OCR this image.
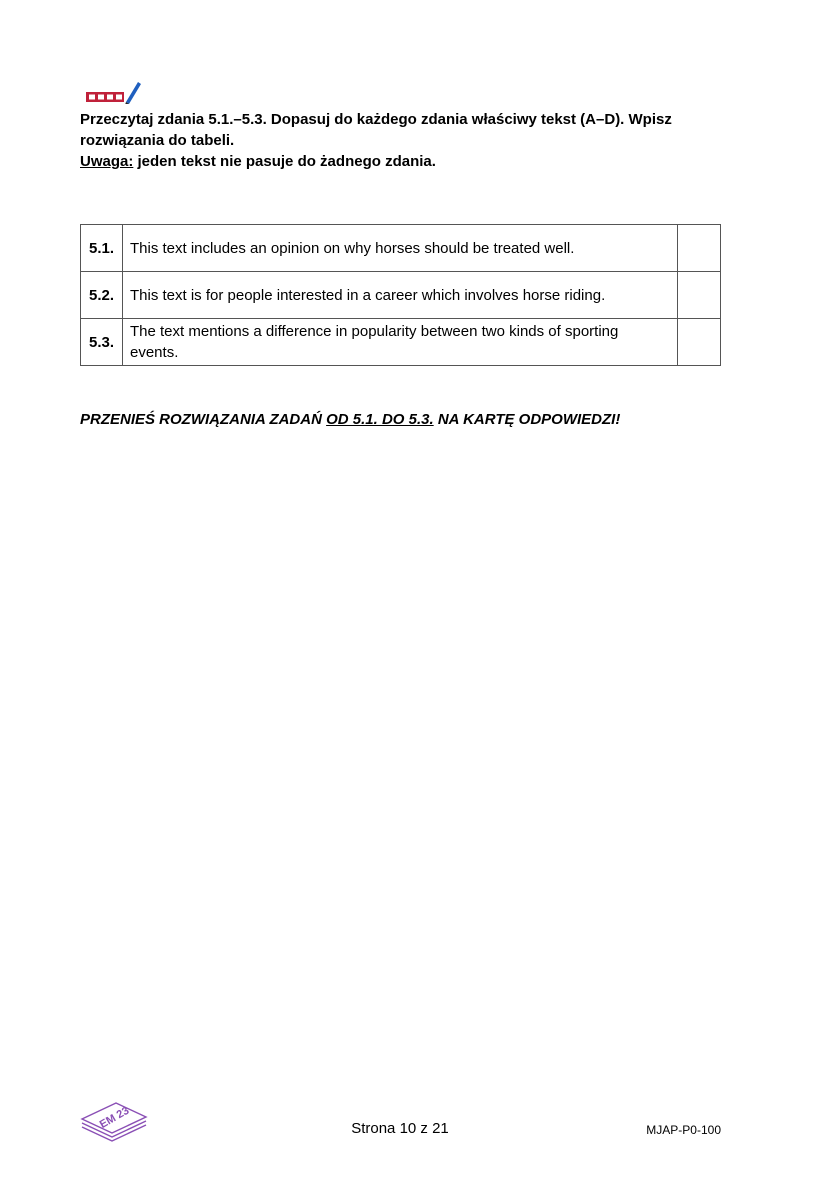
Przeczytaj zdania 5.1.–5.3. Dopasuj do każdego zdania właściwy tekst (A–D). Wpisz rozwiązania do tabeli.

Uwaga: jeden tekst nie pasuje do żadnego zdania.

5.1.	This text includes an opinion on why horses should be treated well.	
5.2.	This text is for people interested in a career which involves horse riding.	
5.3.	The text mentions a difference in popularity between two kinds of sporting events.	
PRZENIEŚ ROZWIĄZANIA ZADAŃ OD 5.1. DO 5.3. NA KARTĘ ODPOWIEDZI!
EM 23	Strona 10 z 21	MJAP-P0-100
